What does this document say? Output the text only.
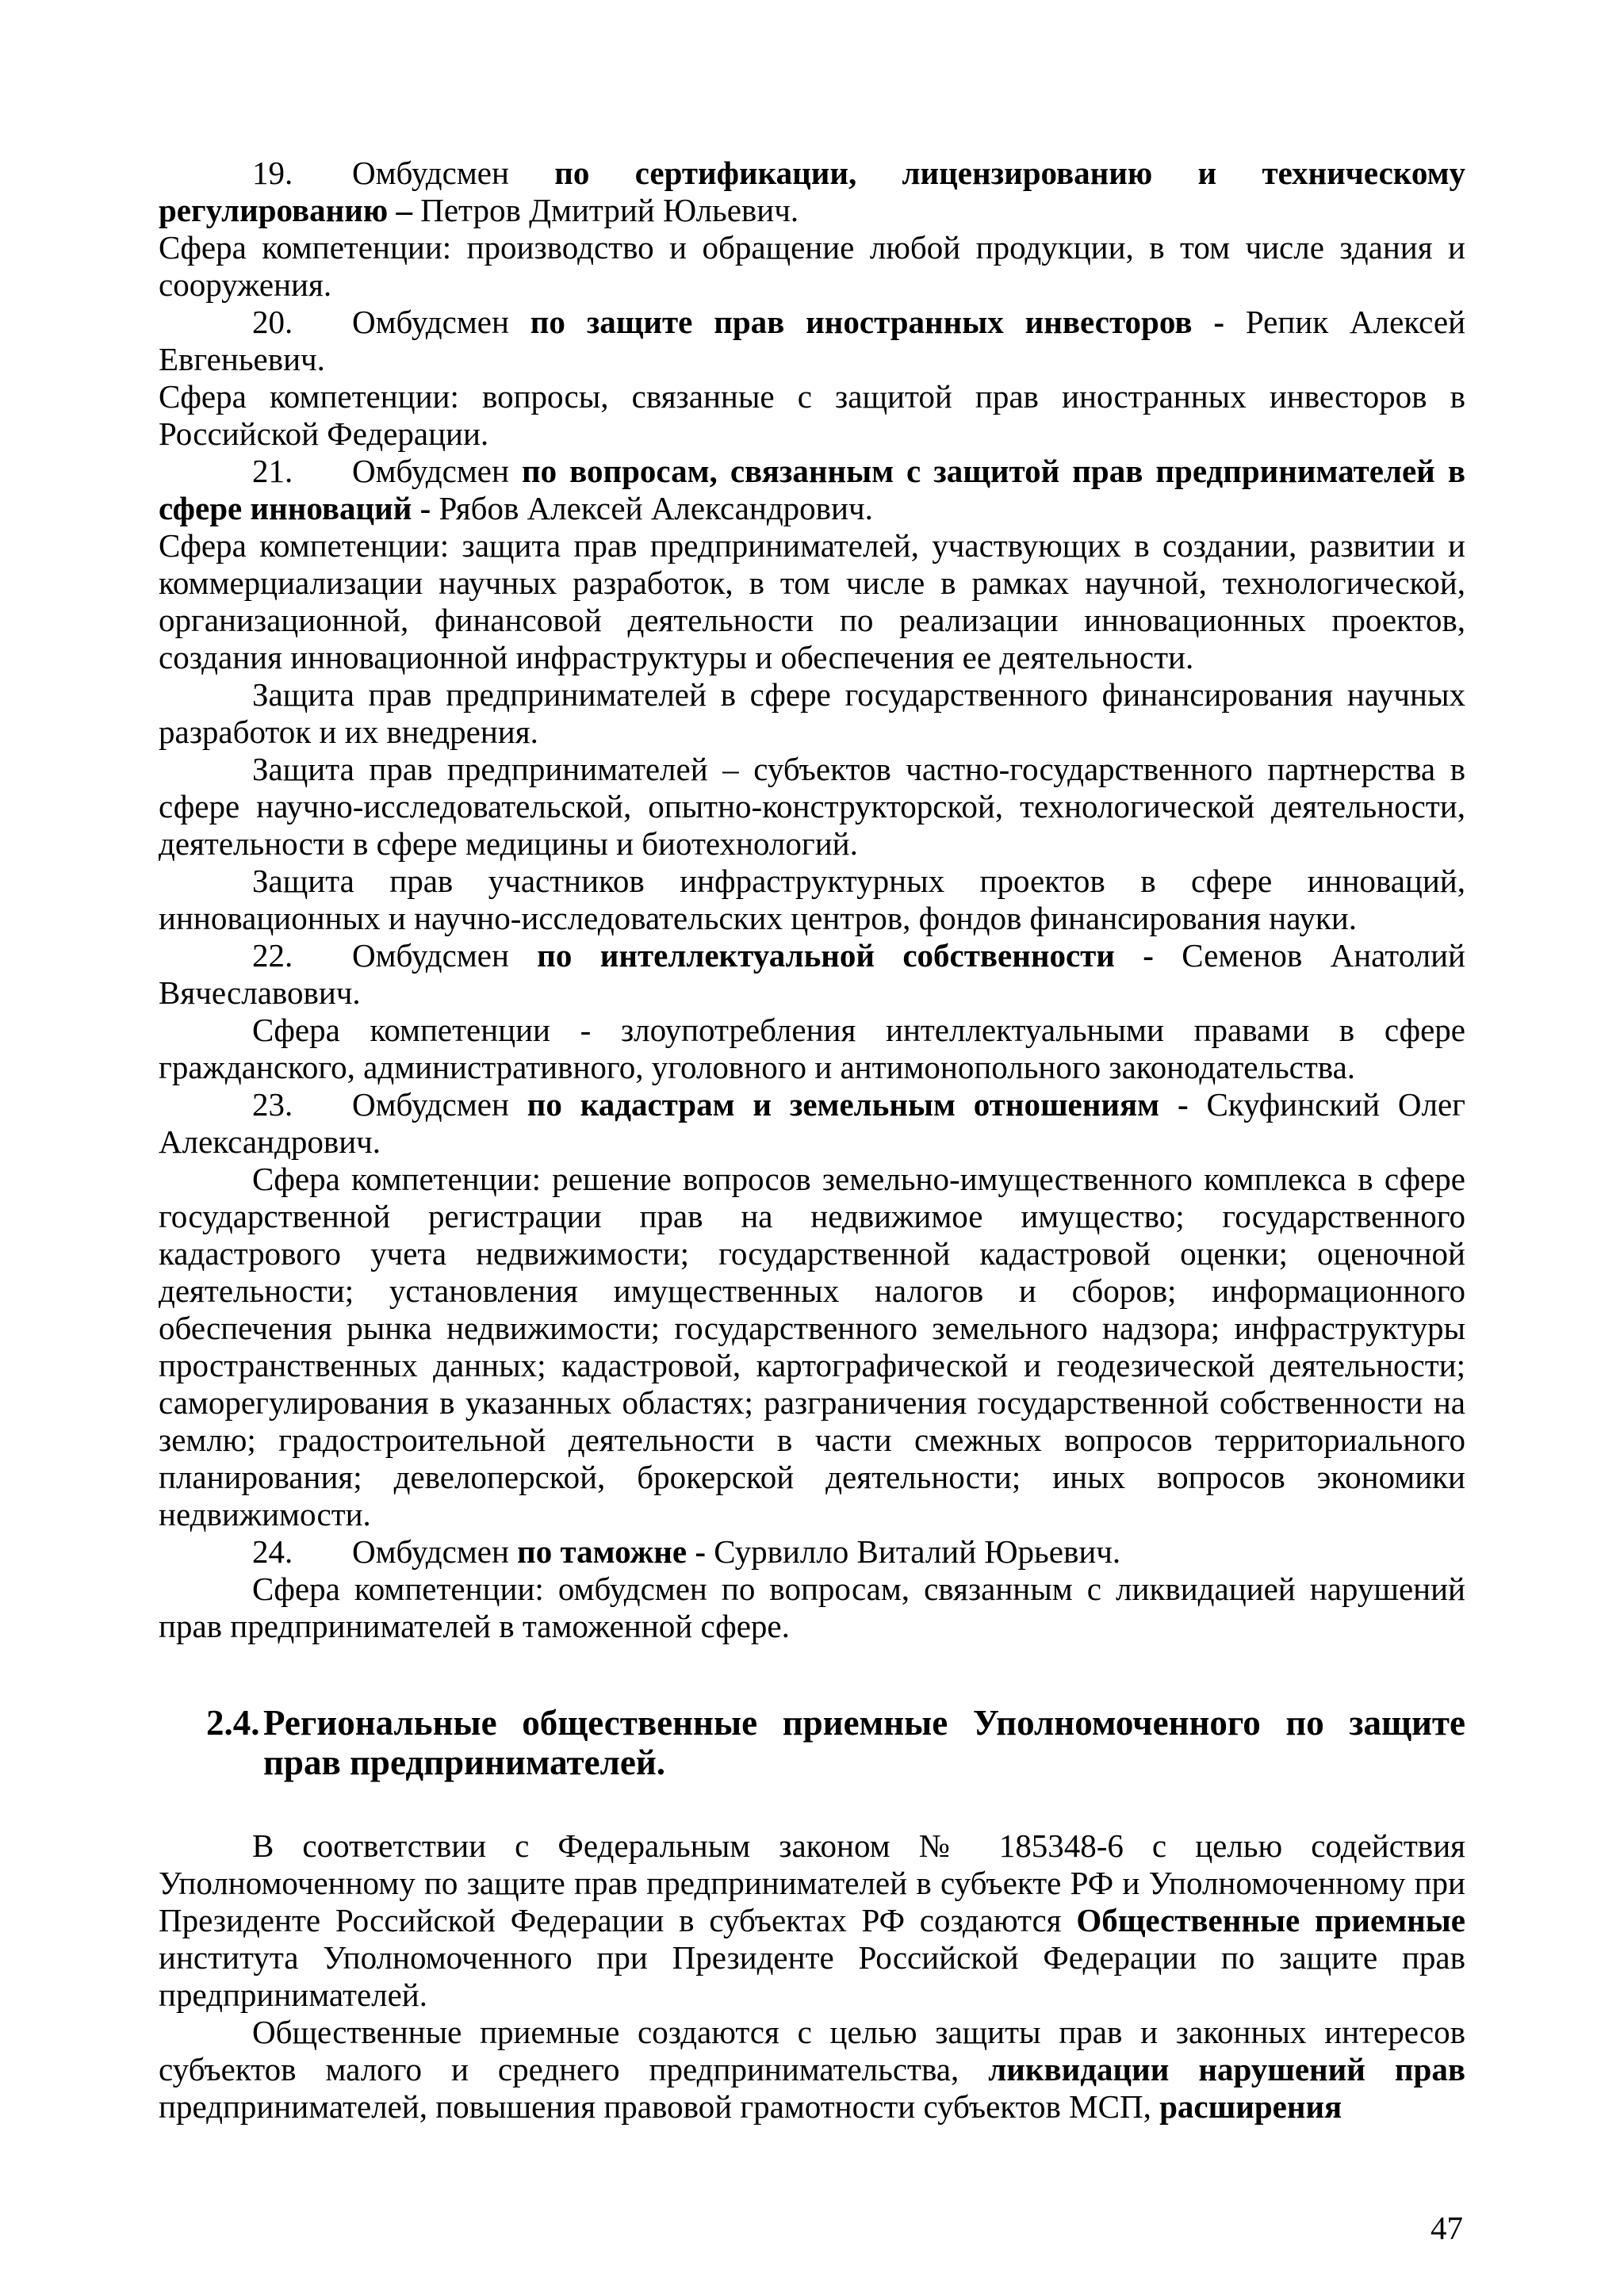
19. Омбудсмен по сертификации, лицензированию и техническому регулированию – Петров Дмитрий Юльевич.

Сфера компетенции: производство и обращение любой продукции, в том числе здания и сооружения.

20. Омбудсмен по защите прав иностранных инвесторов - Репик Алексей Евгеньевич.

Сфера компетенции: вопросы, связанные с защитой прав иностранных инвесторов в Российской Федерации.

21. Омбудсмен по вопросам, связанным с защитой прав предпринимателей в сфере инноваций - Рябов Алексей Александрович.

Сфера компетенции: защита прав предпринимателей, участвующих в создании, развитии и коммерциализации научных разработок, в том числе в рамках научной, технологической, организационной, финансовой деятельности по реализации инновационных проектов, создания инновационной инфраструктуры и обеспечения ее деятельности.

Защита прав предпринимателей в сфере государственного финансирования научных разработок и их внедрения.

Защита прав предпринимателей – субъектов частно-государственного партнерства в сфере научно-исследовательской, опытно-конструкторской, технологической деятельности, деятельности в сфере медицины и биотехнологий.

Защита прав участников инфраструктурных проектов в сфере инноваций, инновационных и научно-исследовательских центров, фондов финансирования науки.

22. Омбудсмен по интеллектуальной собственности - Семенов Анатолий Вячеславович.

Сфера компетенции - злоупотребления интеллектуальными правами в сфере гражданского, административного, уголовного и антимонопольного законодательства.

23. Омбудсмен по кадастрам и земельным отношениям - Скуфинский Олег Александрович.

Сфера компетенции: решение вопросов земельно-имущественного комплекса в сфере государственной регистрации прав на недвижимое имущество; государственного кадастрового учета недвижимости; государственной кадастровой оценки; оценочной деятельности; установления имущественных налогов и сборов; информационного обеспечения рынка недвижимости; государственного земельного надзора; инфраструктуры пространственных данных; кадастровой, картографической и геодезической деятельности; саморегулирования в указанных областях; разграничения государственной собственности на землю; градостроительной деятельности в части смежных вопросов территориального планирования; девелоперской, брокерской деятельности; иных вопросов экономики недвижимости.

24. Омбудсмен по таможне - Сурвилло Виталий Юрьевич.

Сфера компетенции: омбудсмен по вопросам, связанным с ликвидацией нарушений прав предпринимателей в таможенной сфере.

2.4. Региональные общественные приемные Уполномоченного по защите прав предпринимателей.

В соответствии с Федеральным законом № 185348-6 с целью содействия Уполномоченному по защите прав предпринимателей в субъекте РФ и Уполномоченному при Президенте Российской Федерации в субъектах РФ создаются Общественные приемные института Уполномоченного при Президенте Российской Федерации по защите прав предпринимателей.

Общественные приемные создаются с целью защиты прав и законных интересов субъектов малого и среднего предпринимательства, ликвидации нарушений прав предпринимателей, повышения правовой грамотности субъектов МСП, расширения

47
